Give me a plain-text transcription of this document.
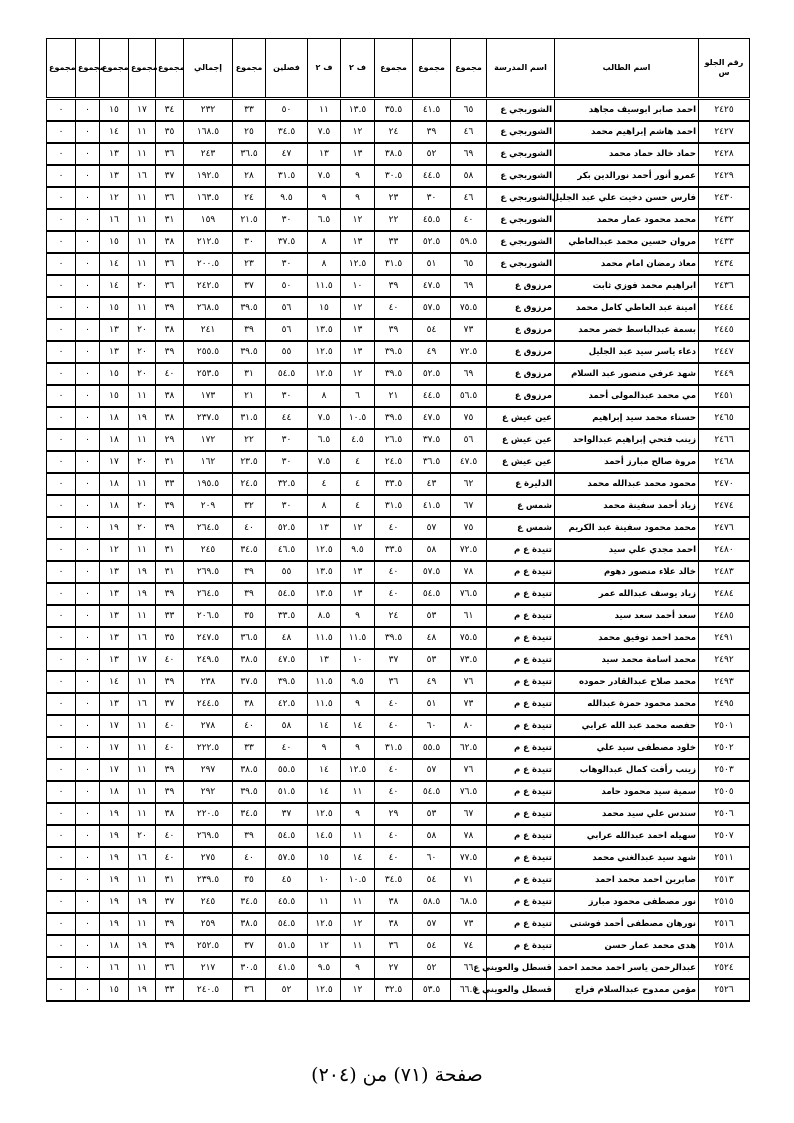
مجموع	مجموع	مجموع	مجموع	مجموع	إجمالي	مجموع	فصلين	ف ٢	ف ٢	مجموع	مجموع	مجموع	اسم المدرسة	اسم الطالب	رقم الجلو س
٠	٠	١٥	١٧	٣٤	٢٣٢	٣٣	٥٠	١١	١٣.٥	٣٥.٥	٤١.٥	٦٥	الشوربجي ع	احمد صابر ابوسيف مجاهد	٢٤٢٥
٠	٠	١٤	١١	٣٥	١٦٨.٥	٢٥	٣٤.٥	٧.٥	١٢	٢٤	٣٩	٤٦	الشوربجي ع	احمد هاشم إبراهيم محمد	٢٤٢٧
٠	٠	١٣	١١	٣٦	٢٤٣	٣٦.٥	٤٧	١٣	١٣	٣٨.٥	٥٢	٦٩	الشوربجي ع	حماد خالد حماد محمد	٢٤٢٨
٠	٠	١٣	١٦	٣٧	١٩٢.٥	٢٨	٣١.٥	٧.٥	٩	٣٠.٥	٤٤.٥	٥٨	الشوربجي ع	عمرو أنور أحمد نورالدين بكر	٢٤٢٩
٠	٠	١٢	١١	٣٦	١٦٣.٥	٢٤	٩.٥	٩	٩	٢٣	٣٠	٤٦	الشوربجي ع	فارس حسن دخيت علي عبد الجليل	٢٤٣٠
٠	٠	١٦	١١	٣١	١٥٩	٢١.٥	٣٠	٦.٥	١٢	٢٢	٤٥.٥	٤٠	الشوربجي ع	محمد محمود عمار محمد	٢٤٣٢
٠	٠	١٥	١١	٣٨	٢١٢.٥	٣٠	٣٧.٥	٨	١٣	٣٣	٥٢.٥	٥٩.٥	الشوربجي ع	مروان حسين محمد عبدالعاطي	٢٤٣٣
٠	٠	١٤	١١	٣٦	٢٠٠.٥	٢٣	٣٠	٨	١٢.٥	٣١.٥	٥١	٦٥	الشوربجي ع	معاذ رمضان امام محمد	٢٤٣٤
٠	٠	١٤	٢٠	٣٦	٢٤٢.٥	٣٧	٥٠	١١.٥	١٠	٣٩	٤٧.٥	٦٩	مرزوق ع	ابراهيم محمد فوزي ثابت	٢٤٣٦
٠	٠	١٥	١١	٣٩	٢٦٨.٥	٣٩.٥	٥٦	١٥	١٢	٤٠	٥٧.٥	٧٥.٥	مرزوق ع	امينة عبد العاطي كامل محمد	٢٤٤٤
٠	٠	١٣	٢٠	٣٨	٢٤١	٣٩	٥٦	١٣.٥	١٣	٣٩	٥٤	٧٣	مرزوق ع	بسمة عبدالباسط خضر محمد	٢٤٤٥
٠	٠	١٣	٢٠	٣٩	٢٥٥.٥	٣٩.٥	٥٥	١٢.٥	١٣	٣٩.٥	٤٩	٧٢.٥	مرزوق ع	دعاء ياسر سيد عبد الجليل	٢٤٤٧
٠	٠	١٥	٢٠	٤٠	٢٥٣.٥	٣١	٥٤.٥	١٢.٥	١٢	٣٩.٥	٥٢.٥	٦٩	مرزوق ع	شهد عرفي منصور عبد السلام	٢٤٤٩
٠	٠	١٥	١١	٣٨	١٧٣	٢١	٣٠	٨	٦	٢١	٤٤.٥	٥٦.٥	مرزوق ع	مي محمد عبدالمولى أحمد	٢٤٥١
٠	٠	١٨	١٩	٣٨	٢٣٧.٥	٣١.٥	٤٤	٧.٥	١٠.٥	٣٩.٥	٤٧.٥	٧٥	عين عيش ع	حسناء محمد سيد إبراهيم	٢٤٦٥
٠	٠	١٨	١١	٢٩	١٧٢	٢٢	٣٠	٦.٥	٤.٥	٢٦.٥	٣٧.٥	٥٦	عين عيش ع	زينب فتحي إبراهيم عبدالواحد	٢٤٦٦
٠	٠	١٧	٢٠	٣١	١٦٢	٢٣.٥	٣٠	٧.٥	٤	٢٤.٥	٣٦.٥	٤٧.٥	عين عيش ع	مروة صالح مبارز أحمد	٢٤٦٨
٠	٠	١٨	١١	٣٣	١٩٥.٥	٢٤.٥	٣٢.٥	٤	٤	٣٣.٥	٤٣	٦٢	الدليرة ع	محمود محمد عبدالله محمد	٢٤٧٠
٠	٠	١٨	٢٠	٣٩	٢٠٩	٣٢	٣٠	٨	٤	٣١.٥	٤١.٥	٦٧	شمس ع	زياد أحمد سفينة محمد	٢٤٧٤
٠	٠	١٩	٢٠	٣٩	٢٦٤.٥	٤٠	٥٢.٥	١٣	١٢	٤٠	٥٧	٧٥	شمس ع	محمد محمود سفينة عبد الكريم	٢٤٧٦
٠	٠	١٢	١١	٣١	٢٤٥	٣٤.٥	٤٦.٥	١٢.٥	٩.٥	٣٣.٥	٥٨	٧٢.٥	تنيدة ع م	احمد مجدي علي سيد	٢٤٨٠
٠	٠	١٣	١٩	٣١	٢٦٩.٥	٣٩	٥٥	١٣.٥	١٣	٤٠	٥٧.٥	٧٨	تنيدة ع م	خالد علاء منصور دهوم	٢٤٨٣
٠	٠	١٣	١٩	٣٩	٢٦٤.٥	٣٩	٥٤.٥	١٣.٥	١٣	٤٠	٥٤.٥	٧٦.٥	تنيدة ع م	زياد يوسف عبدالله عمر	٢٤٨٤
٠	٠	١٣	١١	٣٣	٢٠٦.٥	٣٥	٣٣.٥	٨.٥	٩	٢٤	٥٣	٦١	تنيدة ع م	سعد أحمد سعد سيد	٢٤٨٥
٠	٠	١٣	١٦	٣٥	٢٤٧.٥	٣٦.٥	٤٨	١١.٥	١١.٥	٣٩.٥	٤٨	٧٥.٥	تنيدة ع م	محمد احمد توفيق محمد	٢٤٩١
٠	٠	١٣	١٧	٤٠	٢٤٩.٥	٣٨.٥	٤٧.٥	١٣	١٠	٣٧	٥٣	٧٣.٥	تنيدة ع م	محمد اسامة محمد سيد	٢٤٩٢
٠	٠	١٤	١١	٣٩	٢٣٨	٣٧.٥	٣٩.٥	١١.٥	٩.٥	٣٦	٤٩	٧٦	تنيدة ع م	محمد صلاح عبدالقادر حموده	٢٤٩٣
٠	٠	١٣	١٦	٣٧	٢٤٤.٥	٣٨	٤٢.٥	١١.٥	٩	٤٠	٥١	٧٣	تنيدة ع م	محمد محمود حمزة عبدالله	٢٤٩٥
٠	٠	١٧	١١	٤٠	٢٧٨	٤٠	٥٨	١٤	١٤	٤٠	٦٠	٨٠	تنيدة ع م	حفصه محمد عبد الله عرابي	٢٥٠١
٠	٠	١٧	١١	٤٠	٢٢٢.٥	٣٣	٤٠	٩	٩	٣١.٥	٥٥.٥	٦٢.٥	تنيدة ع م	خلود مصطفى سيد علي	٢٥٠٢
٠	٠	١٧	١١	٣٩	٢٩٧	٣٨.٥	٥٥.٥	١٤	١٢.٥	٤٠	٥٧	٧٦	تنيدة ع م	زينب رأفت كمال عبدالوهاب	٢٥٠٣
٠	٠	١٨	١١	٣٩	٢٩٢	٣٩.٥	٥١.٥	١٤	١١	٤٠	٥٤.٥	٧٦.٥	تنيدة ع م	سمية سيد محمود حامد	٢٥٠٥
٠	٠	١٩	١١	٣٨	٢٢٠.٥	٣٤.٥	٣٧	١٢.٥	٩	٢٩	٥٣	٦٧	تنيدة ع م	سندس علي سيد محمد	٢٥٠٦
٠	٠	١٩	٢٠	٤٠	٢٦٩.٥	٣٩	٥٤.٥	١٤.٥	١١	٤٠	٥٨	٧٨	تنيدة ع م	سهيله احمد عبدالله عرابي	٢٥٠٧
٠	٠	١٩	١٦	٤٠	٢٧٥	٤٠	٥٧.٥	١٥	١٤	٤٠	٦٠	٧٧.٥	تنيدة ع م	شهد سيد عبدالغني محمد	٢٥١١
٠	٠	١٩	١١	٣١	٢٣٩.٥	٣٥	٤٥	١٠	١٠.٥	٣٤.٥	٥٤	٧١	تنيدة ع م	صابرين احمد محمد احمد	٢٥١٣
٠	٠	١٩	١٩	٣٧	٢٤٥	٣٤.٥	٤٥.٥	١١	١١	٣٨	٥٨.٥	٦٨.٥	تنيدة ع م	نور مصطفى محمود مبارز	٢٥١٥
٠	٠	١٩	١١	٣٩	٢٥٩	٣٨.٥	٥٤.٥	١٢.٥	١٢	٣٨	٥٧	٧٣	تنيدة ع م	نورهان مصطفى أحمد فوشتى	٢٥١٦
٠	٠	١٨	١٩	٣٩	٢٥٢.٥	٣٧	٥١.٥	١٢	١١	٣٦	٥٤	٧٤	تنيدة ع م	هدى محمد عمار حسن	٢٥١٨
٠	٠	١٦	١١	٣٦	٢١٧	٣٠.٥	٤١.٥	٩.٥	٩	٢٧	٥٢	٦٦	قسطل والعويني ع	عبدالرحمن ياسر احمد محمد احمد	٢٥٢٤
٠	٠	١٥	١٩	٣٣	٢٤٠.٥	٣٦	٥٢	١٢.٥	١٢	٣٢.٥	٥٣.٥	٦٦.٥	قسطل والعويني ع	مؤمن ممدوح عبدالسلام فراج	٢٥٢٦
صفحة (٧١) من (٢٠٤)
